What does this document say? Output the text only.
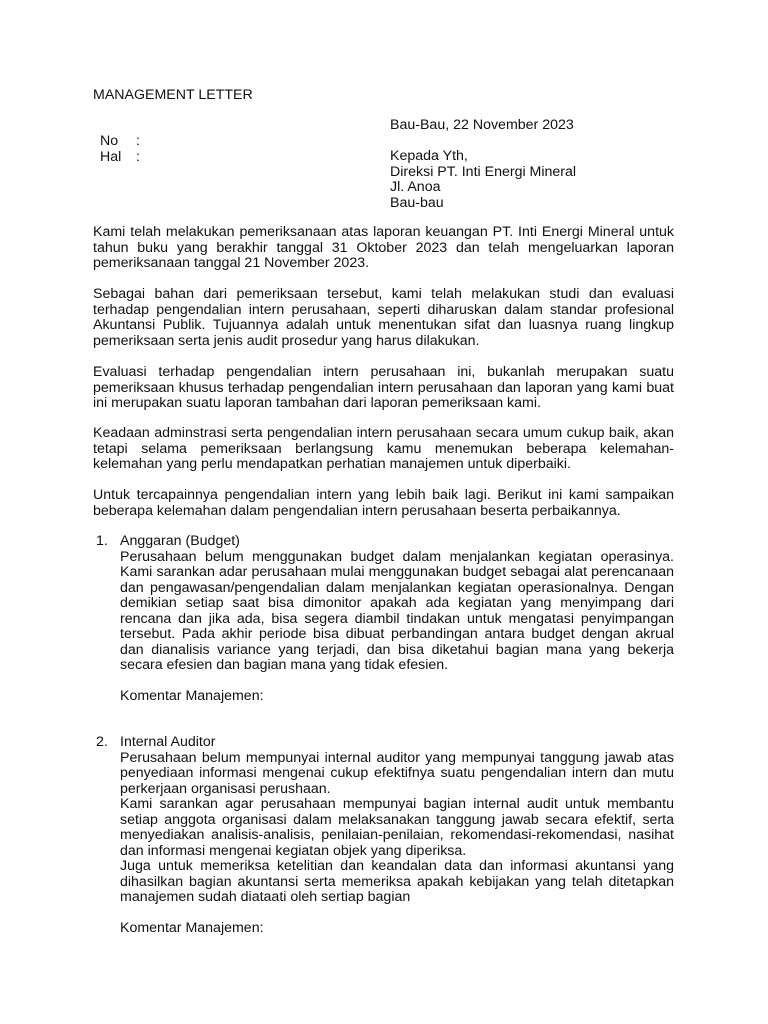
MANAGEMENT LETTER
Bau-Bau, 22 November 2023
No	:
Hal	:	Kepada Yth,
Direksi PT. Inti Energi Mineral
Jl. Anoa
Bau-bau

Kami telah melakukan pemeriksanaan atas laporan keuangan PT. Inti Energi Mineral untuk tahun buku yang berakhir tanggal 31 Oktober 2023 dan telah mengeluarkan laporan pemeriksanaan tanggal 21 November 2023.

Sebagai bahan dari pemeriksaan tersebut, kami telah melakukan studi dan evaluasi terhadap pengendalian intern perusahaan, seperti diharuskan dalam standar profesional Akuntansi Publik. Tujuannya adalah untuk menentukan sifat dan luasnya ruang lingkup pemeriksaan serta jenis audit prosedur yang harus dilakukan.

Evaluasi terhadap pengendalian intern perusahaan ini, bukanlah merupakan suatu pemeriksaan khusus terhadap pengendalian intern perusahaan dan laporan yang kami buat ini merupakan suatu laporan tambahan dari laporan pemeriksaan kami.

Keadaan adminstrasi serta pengendalian intern perusahaan secara umum cukup baik, akan tetapi selama pemeriksaan berlangsung kamu menemukan beberapa kelemahan-kelemahan yang perlu mendapatkan perhatian manajemen untuk diperbaiki.

Untuk tercapainnya pengendalian intern yang lebih baik lagi. Berikut ini kami sampaikan beberapa kelemahan dalam pengendalian intern perusahaan beserta perbaikannya.

1. Anggaran (Budget)

Perusahaan belum menggunakan budget dalam menjalankan kegiatan operasinya. Kami sarankan adar perusahaan mulai menggunakan budget sebagai alat perencanaan dan pengawasan/pengendalian dalam menjalankan kegiatan operasionalnya. Dengan demikian setiap saat bisa dimonitor apakah ada kegiatan yang menyimpang dari rencana dan jika ada, bisa segera diambil tindakan untuk mengatasi penyimpangan tersebut. Pada akhir periode bisa dibuat perbandingan antara budget dengan akrual dan dianalisis variance yang terjadi, dan bisa diketahui bagian mana yang bekerja secara efesien dan bagian mana yang tidak efesien.

Komentar Manajemen:
2. Internal Auditor

Perusahaan belum mempunyai internal auditor yang mempunyai tanggung jawab atas penyediaan informasi mengenai cukup efektifnya suatu pengendalian intern dan mutu perkerjaan organisasi perushaan.

Kami sarankan agar perusahaan mempunyai bagian internal audit untuk membantu setiap anggota organisasi dalam melaksanakan tanggung jawab secara efektif, serta menyediakan analisis-analisis, penilaian-penilaian, rekomendasi-rekomendasi, nasihat dan informasi mengenai kegiatan objek yang diperiksa.

Juga untuk memeriksa ketelitian dan keandalan data dan informasi akuntansi yang dihasilkan bagian akuntansi serta memeriksa apakah kebijakan yang telah ditetapkan manajemen sudah diataati oleh sertiap bagian

Komentar Manajemen:
